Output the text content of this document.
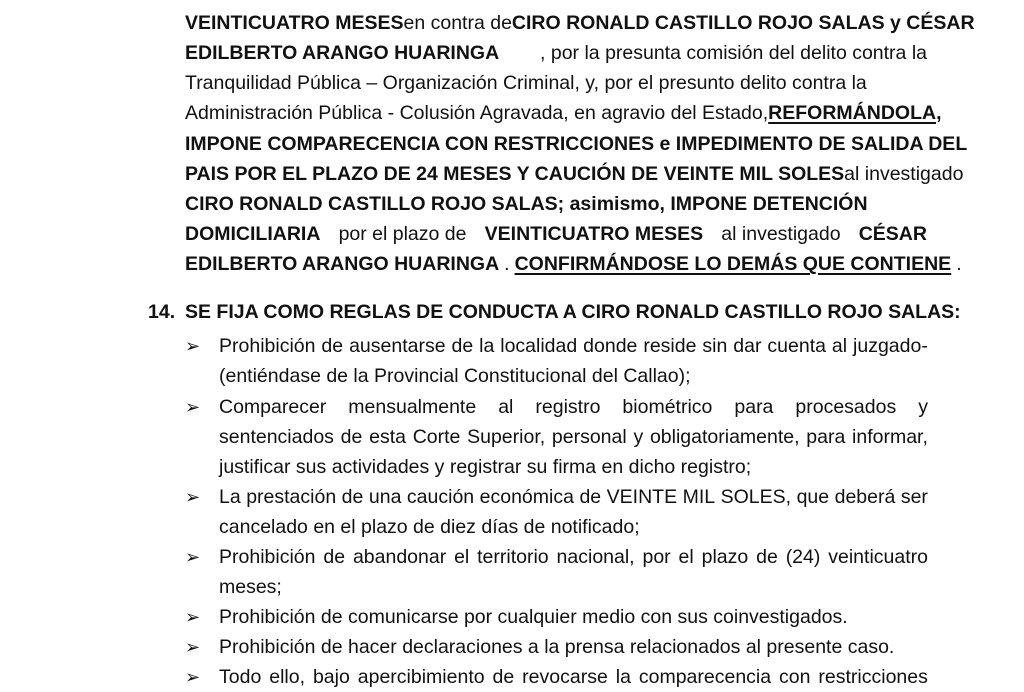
VEINTICUATRO MESES en contra de CIRO RONALD CASTILLO ROJO SALAS y CÉSAR
EDILBERTO ARANGO HUARINGA , por la presunta comisión del delito contra la
Tranquilidad Pública – Organización Criminal, y, por el presunto delito contra la
Administración Pública - Colusión Agravada, en agravio del Estado, REFORMÁNDOLA ,
IMPONE COMPARECENCIA CON RESTRICCIONES e IMPEDIMENTO DE SALIDA DEL
PAIS POR EL PLAZO DE 24 MESES Y CAUCIÓN DE VEINTE MIL SOLES al investigado
CIRO RONALD CASTILLO ROJO SALAS; asimismo, IMPONE DETENCIÓN
DOMICILIARIA por el plazo de VEINTICUATRO MESES al investigado CÉSAR
EDILBERTO ARANGO HUARINGA . CONFIRMÁNDOSE LO DEMÁS QUE CONTIENE .
14. SE FIJA COMO REGLAS DE CONDUCTA A CIRO RONALD CASTILLO ROJO SALAS:
➢ Prohibición de ausentarse de la localidad donde reside sin dar cuenta al juzgado-
(entiéndase de la Provincial Constitucional del Callao);
➢ Comparecer mensualmente al registro biométrico para procesados y
sentenciados de esta Corte Superior, personal y obligatoriamente, para informar,
justificar sus actividades y registrar su firma en dicho registro;
➢ La prestación de una caución económica de VEINTE MIL SOLES, que deberá ser
cancelado en el plazo de diez días de notificado;
➢ Prohibición de abandonar el territorio nacional, por el plazo de (24) veinticuatro
meses;
➢ Prohibición de comunicarse por cualquier medio con sus coinvestigados.
➢ Prohibición de hacer declaraciones a la prensa relacionados al presente caso.
➢ Todo ello, bajo apercibimiento de revocarse la comparecencia con restricciones
